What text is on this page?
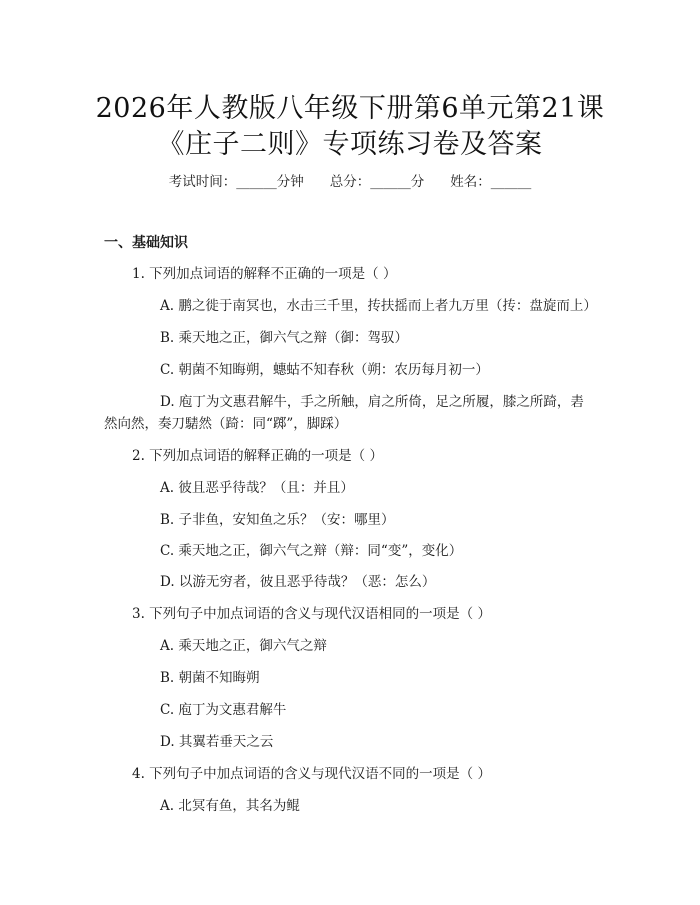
2026年人教版八年级下册第6单元第21课
《庄子二则》专项练习卷及答案
考试时间：______分钟 总分：______分 姓名：______
一、基础知识
1. 下列加点词语的解释不正确的一项是（ ）
A. 鹏之徙于南冥也，水击三千里，抟扶摇而上者九万里（抟：盘旋而上）
B. 乘天地之正，御六气之辩（御：驾驭）
C. 朝菌不知晦朔，蟪蛄不知春秋（朔：农历每月初一）
D. 庖丁为文惠君解牛，手之所触，肩之所倚，足之所履，膝之所踦，砉
然向然，奏刀騞然（踦：同“踯”，脚踩）
2. 下列加点词语的解释正确的一项是（ ）
A. 彼且恶乎待哉？（且：并且）
B. 子非鱼，安知鱼之乐？（安：哪里）
C. 乘天地之正，御六气之辩（辩：同“变”，变化）
D. 以游无穷者，彼且恶乎待哉？（恶：怎么）
3. 下列句子中加点词语的含义与现代汉语相同的一项是（ ）
A. 乘天地之正，御六气之辩
B. 朝菌不知晦朔
C. 庖丁为文惠君解牛
D. 其翼若垂天之云
4. 下列句子中加点词语的含义与现代汉语不同的一项是（ ）
A. 北冥有鱼，其名为鲲
